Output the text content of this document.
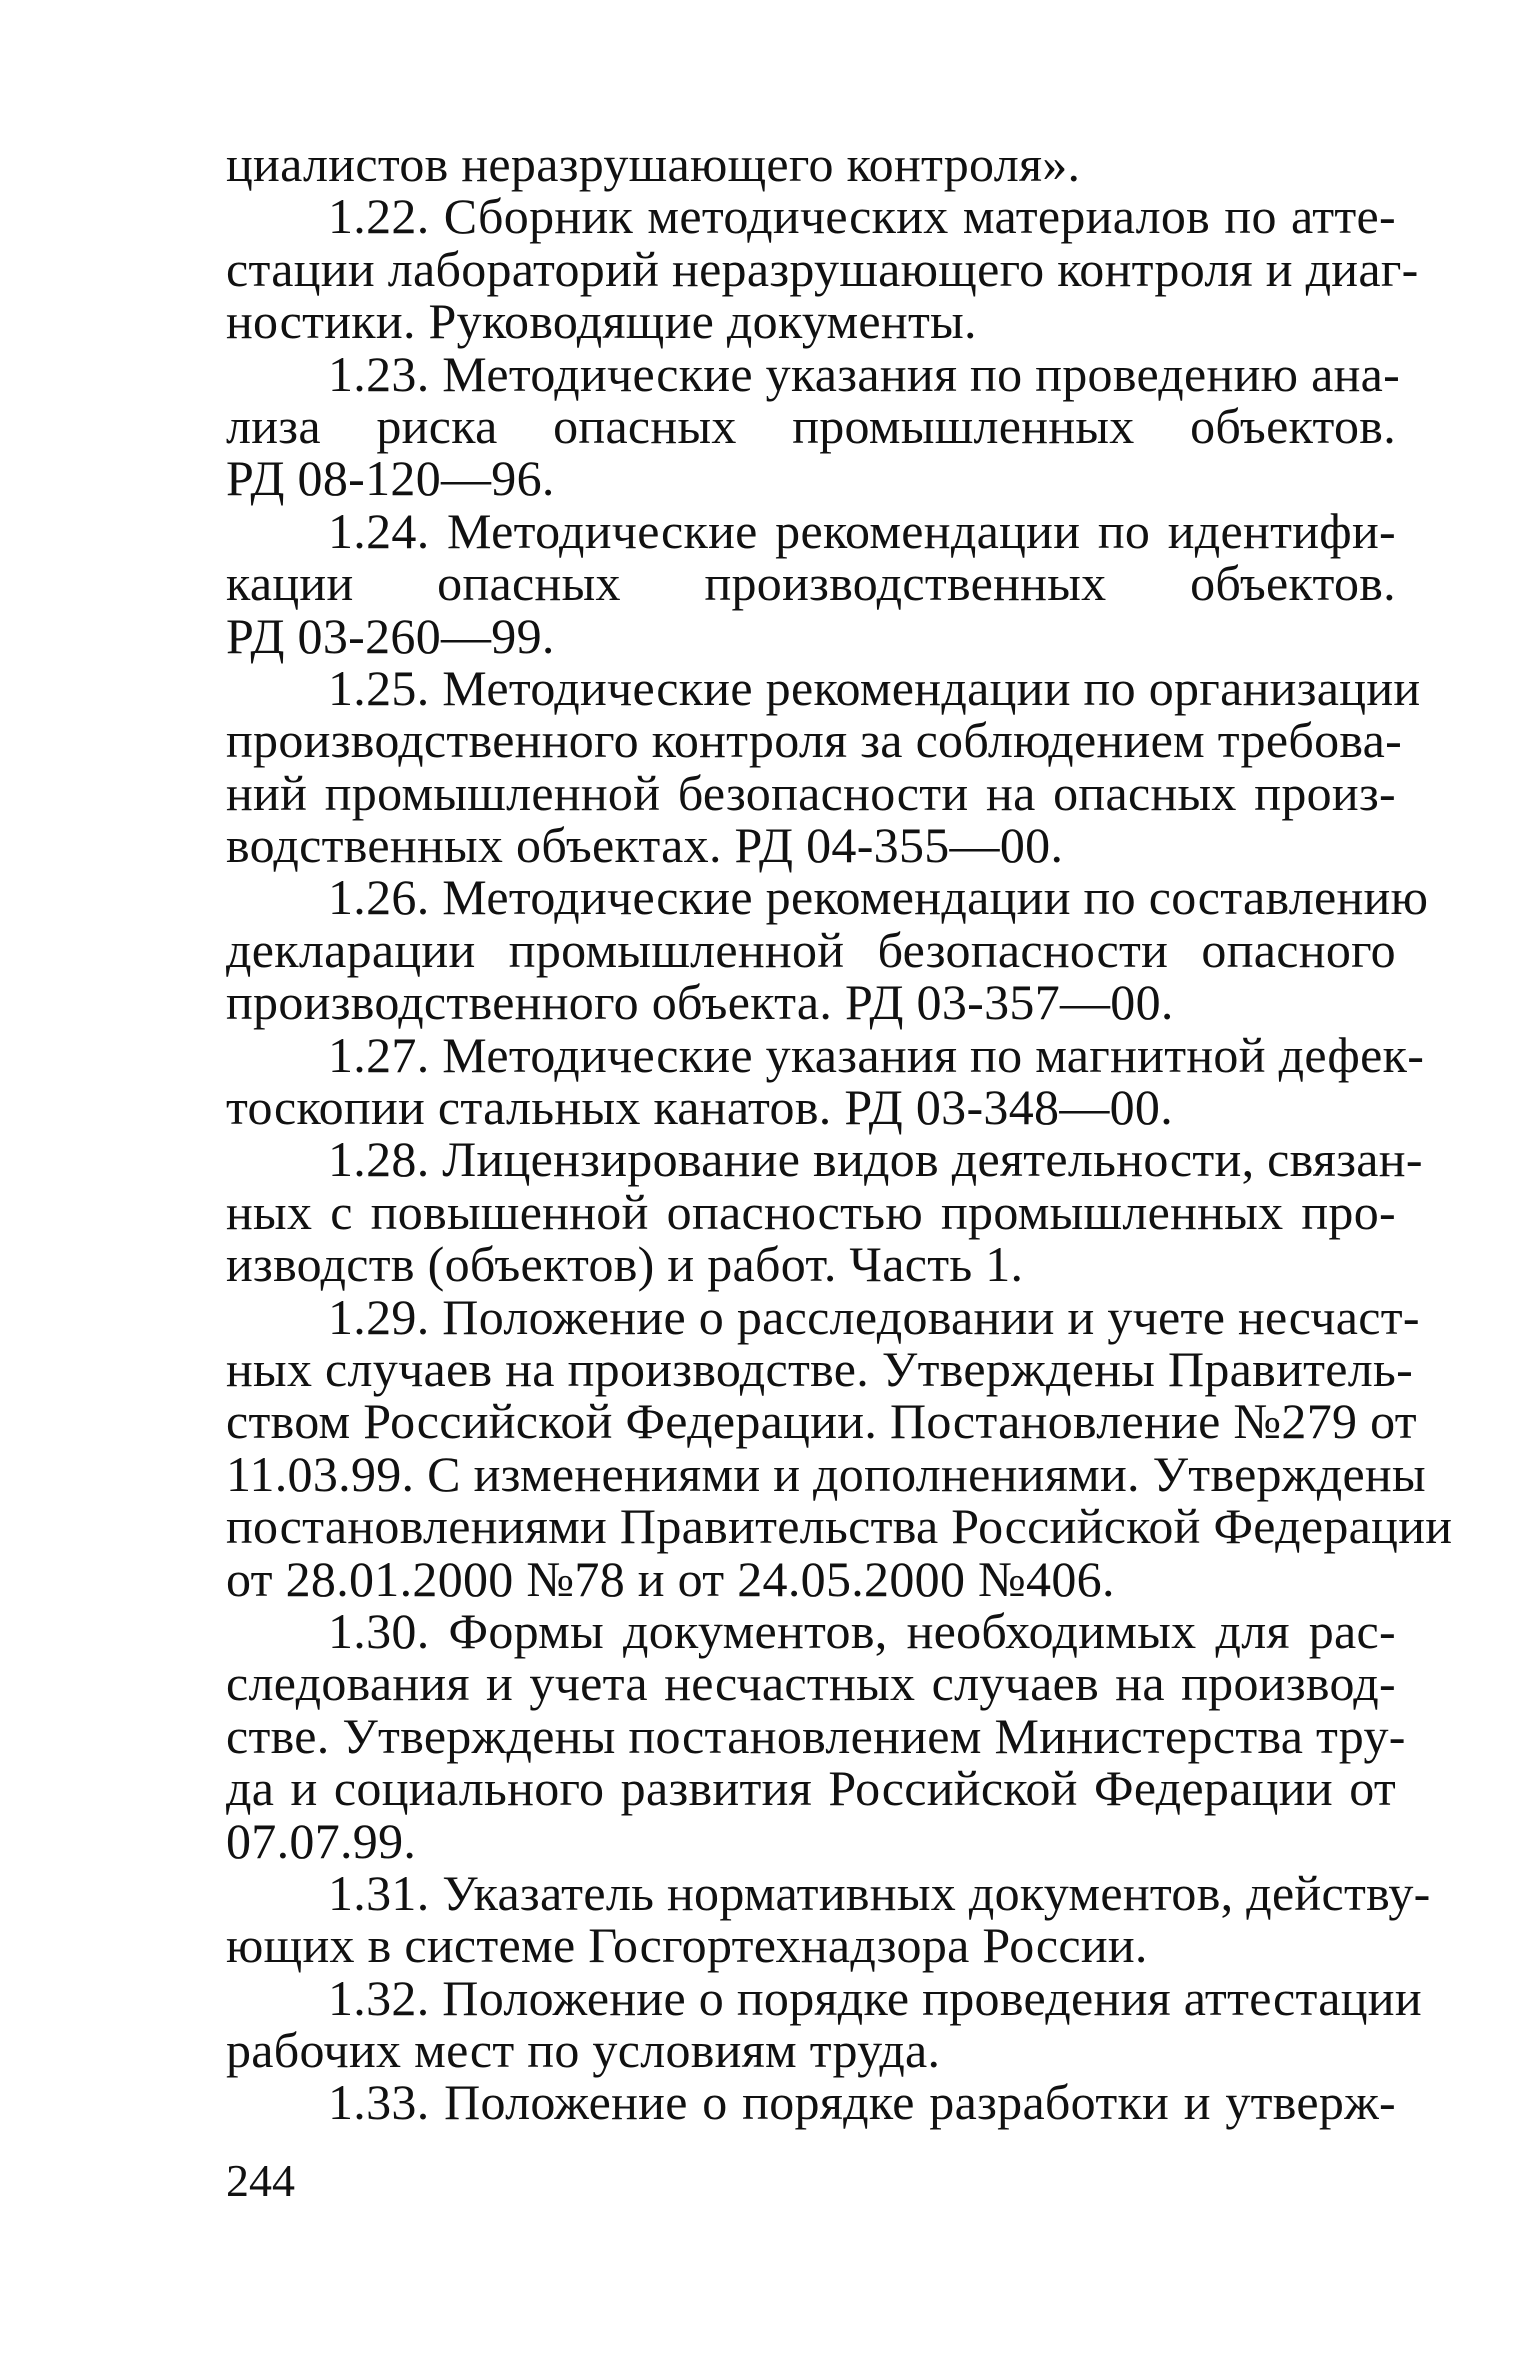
циалистов неразрушающего контроля».
1.22. Сборник методических материалов по атте-
стации лабораторий неразрушающего контроля и диаг-
ностики. Руководящие документы.
1.23. Методические указания по проведению ана-
лиза риска опасных промышленных объектов.
РД 08-120—96.
1.24. Методические рекомендации по идентифи-
кации опасных производственных объектов.
РД 03-260—99.
1.25. Методические рекомендации по организации
производственного контроля за соблюдением требова-
ний промышленной безопасности на опасных произ-
водственных объектах. РД 04-355—00.
1.26. Методические рекомендации по составлению
декларации промышленной безопасности опасного
производственного объекта. РД 03-357—00.
1.27. Методические указания по магнитной дефек-
тоскопии стальных канатов. РД 03-348—00.
1.28. Лицензирование видов деятельности, связан-
ных с повышенной опасностью промышленных про-
изводств (объектов) и работ. Часть 1.
1.29. Положение о расследовании и учете несчаст-
ных случаев на производстве. Утверждены Правитель-
ством Российской Федерации. Постановление №279 от
11.03.99. С изменениями и дополнениями. Утверждены
постановлениями Правительства Российской Федерации
от 28.01.2000 №78 и от 24.05.2000 №406.
1.30. Формы документов, необходимых для рас-
следования и учета несчастных случаев на производ-
стве. Утверждены постановлением Министерства тру-
да и социального развития Российской Федерации от
07.07.99.
1.31. Указатель нормативных документов, действу-
ющих в системе Госгортехнадзора России.
1.32. Положение о порядке проведения аттестации
рабочих мест по условиям труда.
1.33. Положение о порядке разработки и утверж-
244
